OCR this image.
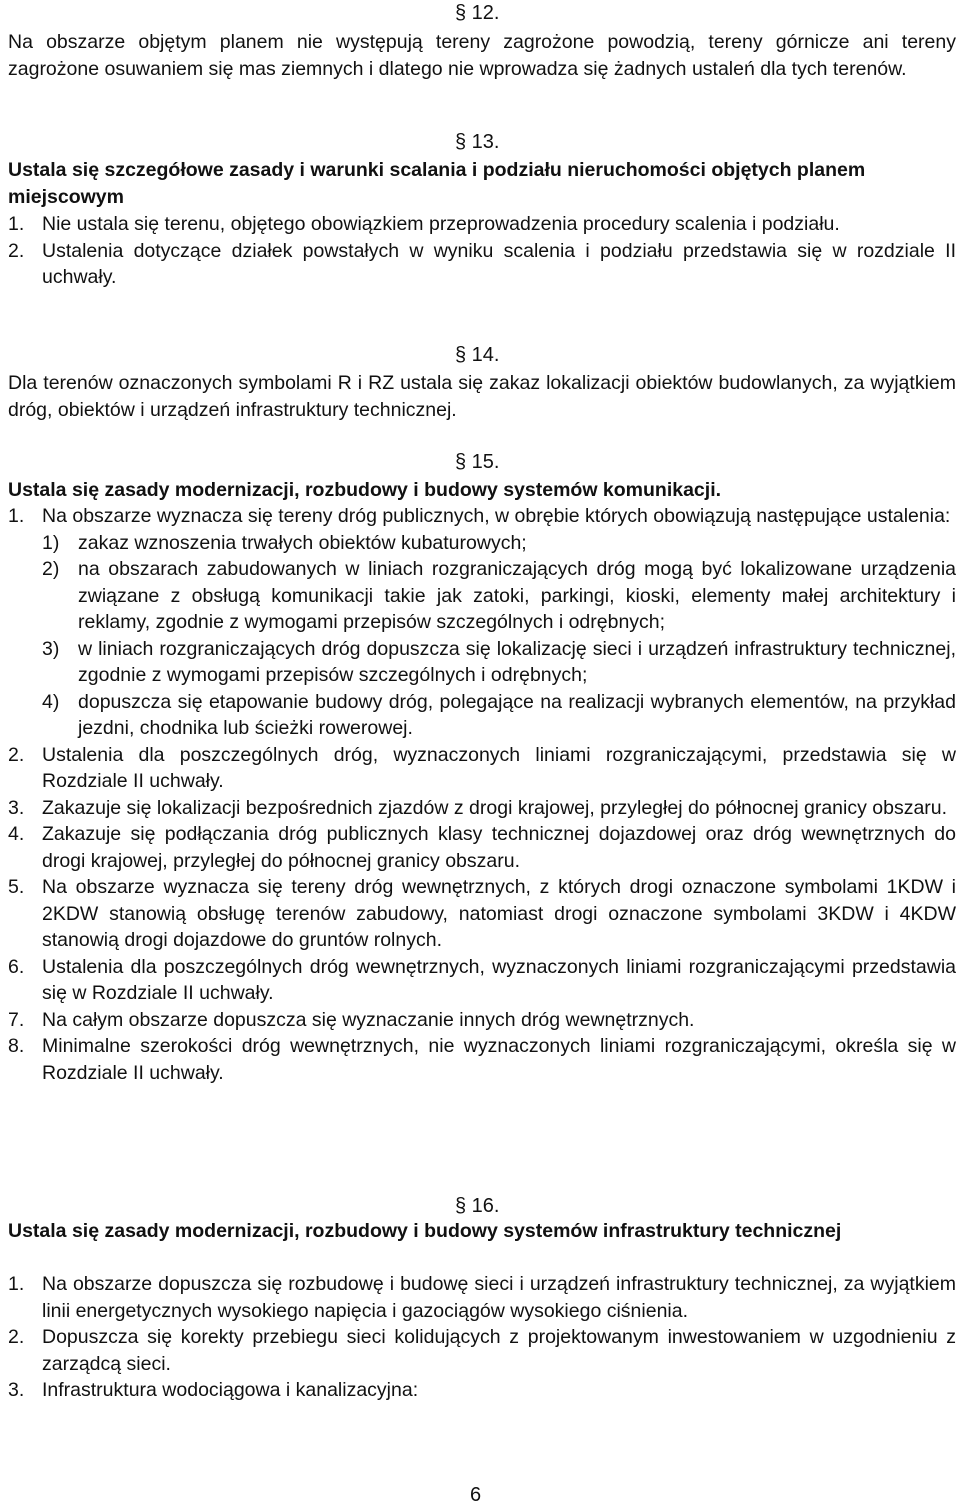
§ 12.
Na obszarze objętym planem nie występują tereny zagrożone powodzią, tereny górnicze ani tereny zagrożone osuwaniem się mas ziemnych i dlatego nie wprowadza się żadnych ustaleń dla tych terenów.
§ 13.
Ustala się szczegółowe zasady i warunki scalania i podziału nieruchomości objętych planem miejscowym
1. Nie ustala się terenu, objętego obowiązkiem przeprowadzenia procedury scalenia i podziału.
2. Ustalenia dotyczące działek powstałych w wyniku scalenia i podziału przedstawia się w rozdziale II uchwały.
§ 14.
Dla terenów oznaczonych symbolami R i RZ ustala się zakaz lokalizacji obiektów budowlanych, za wyjątkiem dróg, obiektów i urządzeń infrastruktury technicznej.
§ 15.
Ustala się zasady modernizacji, rozbudowy i budowy systemów komunikacji.
1. Na obszarze wyznacza się tereny dróg publicznych, w obrębie których obowiązują następujące ustalenia:
1) zakaz wznoszenia trwałych obiektów kubaturowych;
2) na obszarach zabudowanych w liniach rozgraniczających dróg mogą być lokalizowane urządzenia związane z obsługą komunikacji takie jak zatoki, parkingi, kioski, elementy małej architektury i reklamy, zgodnie z wymogami przepisów szczególnych i odrębnych;
3) w liniach rozgraniczających dróg dopuszcza się lokalizację sieci i urządzeń infrastruktury technicznej, zgodnie z wymogami przepisów szczególnych i odrębnych;
4) dopuszcza się etapowanie budowy dróg, polegające na realizacji wybranych elementów, na przykład jezdni, chodnika lub ścieżki rowerowej.
2. Ustalenia dla poszczególnych dróg, wyznaczonych liniami rozgraniczającymi, przedstawia się w Rozdziale II uchwały.
3. Zakazuje się lokalizacji bezpośrednich zjazdów z drogi krajowej, przyległej do północnej granicy obszaru.
4. Zakazuje się podłączania dróg publicznych klasy technicznej dojazdowej oraz dróg wewnętrznych do drogi krajowej, przyległej do północnej granicy obszaru.
5. Na obszarze wyznacza się tereny dróg wewnętrznych, z których drogi oznaczone symbolami 1KDW i 2KDW stanowią obsługę terenów zabudowy, natomiast drogi oznaczone symbolami 3KDW i 4KDW stanowią drogi dojazdowe do gruntów rolnych.
6. Ustalenia dla poszczególnych dróg wewnętrznych, wyznaczonych liniami rozgraniczającymi przedstawia się w Rozdziale II uchwały.
7. Na całym obszarze dopuszcza się wyznaczanie innych dróg wewnętrznych.
8. Minimalne szerokości dróg wewnętrznych, nie wyznaczonych liniami rozgraniczającymi, określa się w Rozdziale II uchwały.
§ 16.
Ustala się zasady modernizacji, rozbudowy i budowy systemów infrastruktury technicznej
1. Na obszarze dopuszcza się rozbudowę i budowę sieci i urządzeń infrastruktury technicznej, za wyjątkiem linii energetycznych wysokiego napięcia i gazociągów wysokiego ciśnienia.
2. Dopuszcza się korekty przebiegu sieci kolidujących z projektowanym inwestowaniem w uzgodnieniu z zarządcą sieci.
3. Infrastruktura wodociągowa i kanalizacyjna:
6
